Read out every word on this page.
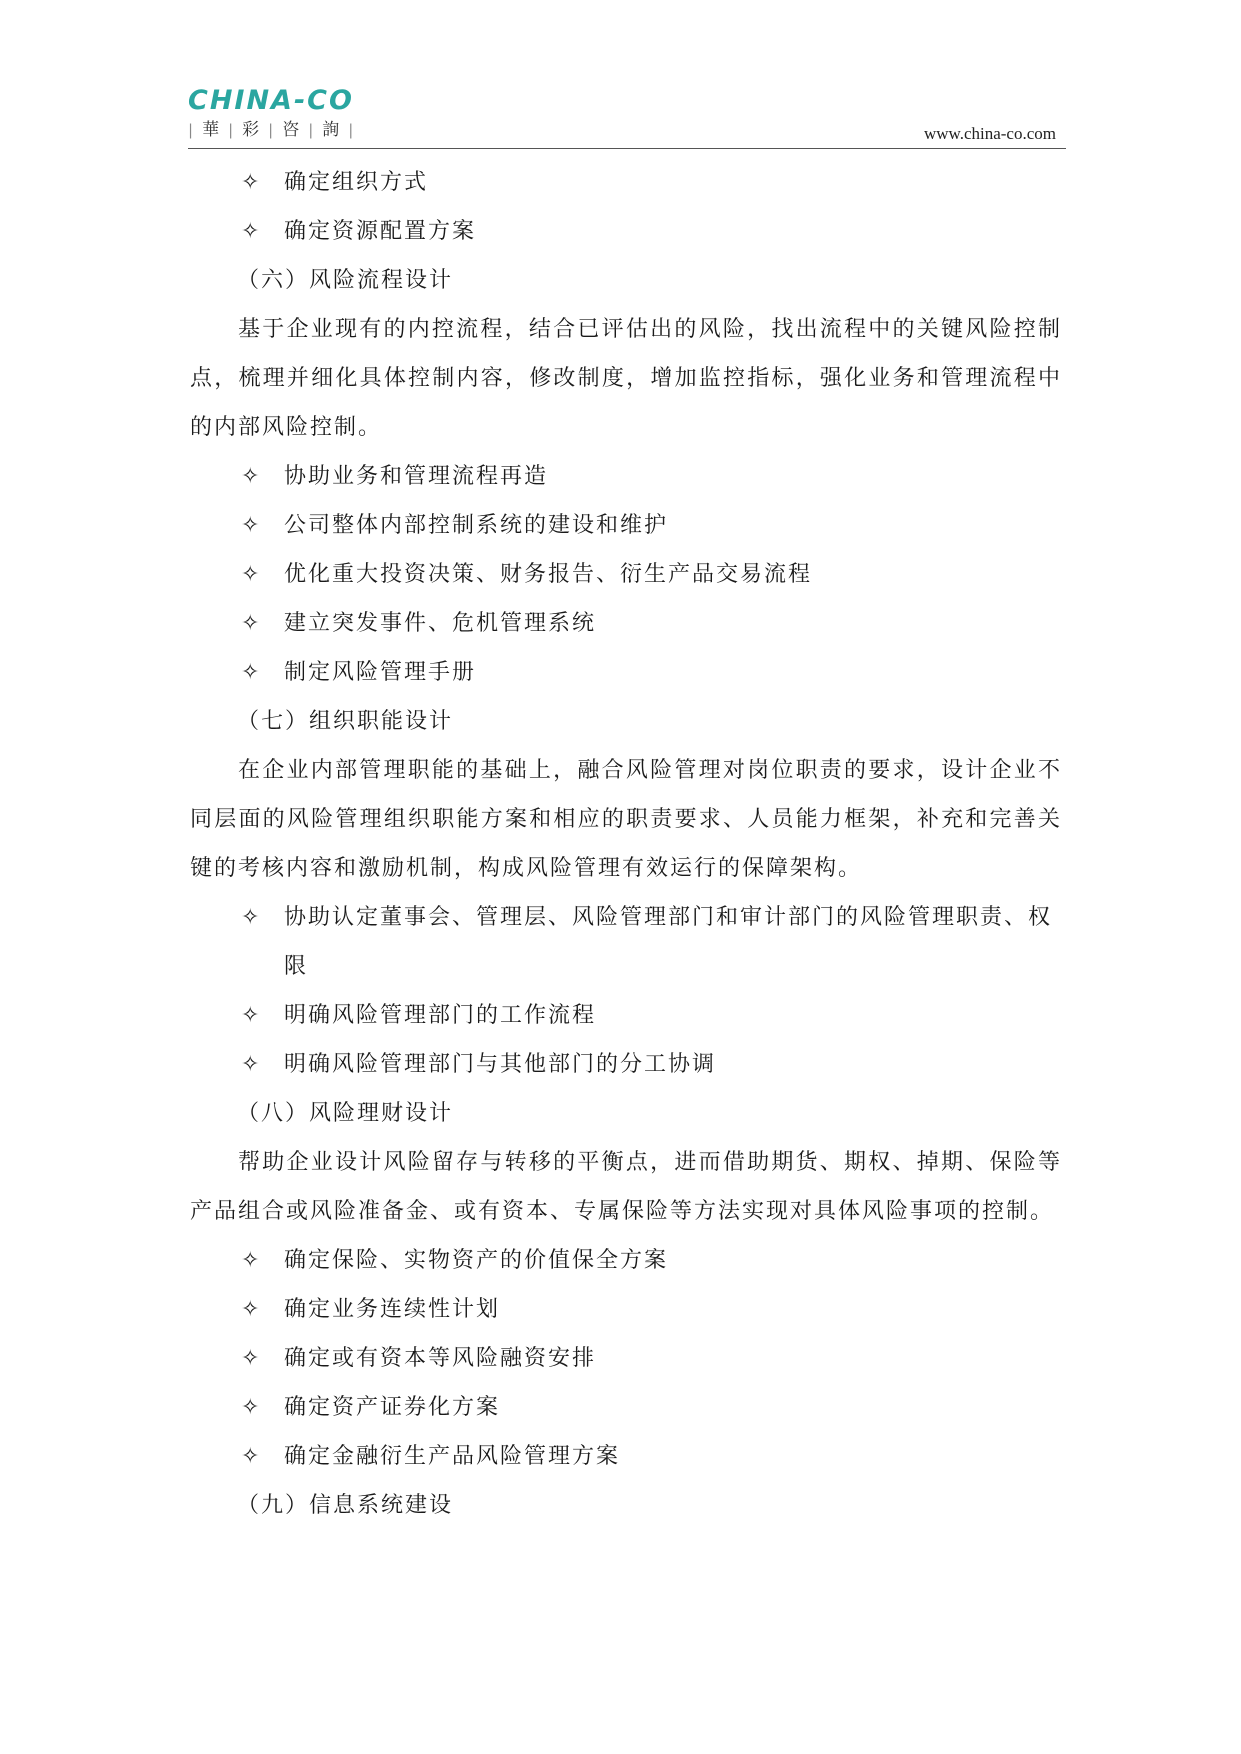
CHINA-CO
| 華 | 彩 | 咨 | 詢 |	www.china-co.com
✧	确定组织方式
✧	确定资源配置方案
（六）风险流程设计
基于企业现有的内控流程，结合已评估出的风险，找出流程中的关键风险控制点，梳理并细化具体控制内容，修改制度，增加监控指标，强化业务和管理流程中的内部风险控制。
✧	协助业务和管理流程再造
✧	公司整体内部控制系统的建设和维护
✧	优化重大投资决策、财务报告、衍生产品交易流程
✧	建立突发事件、危机管理系统
✧	制定风险管理手册
（七）组织职能设计
在企业内部管理职能的基础上，融合风险管理对岗位职责的要求，设计企业不同层面的风险管理组织职能方案和相应的职责要求、人员能力框架，补充和完善关键的考核内容和激励机制，构成风险管理有效运行的保障架构。
✧	协助认定董事会、管理层、风险管理部门和审计部门的风险管理职责、权限
✧	明确风险管理部门的工作流程
✧	明确风险管理部门与其他部门的分工协调
（八）风险理财设计
帮助企业设计风险留存与转移的平衡点，进而借助期货、期权、掉期、保险等产品组合或风险准备金、或有资本、专属保险等方法实现对具体风险事项的控制。
✧	确定保险、实物资产的价值保全方案
✧	确定业务连续性计划
✧	确定或有资本等风险融资安排
✧	确定资产证券化方案
✧	确定金融衍生产品风险管理方案
（九）信息系统建设
